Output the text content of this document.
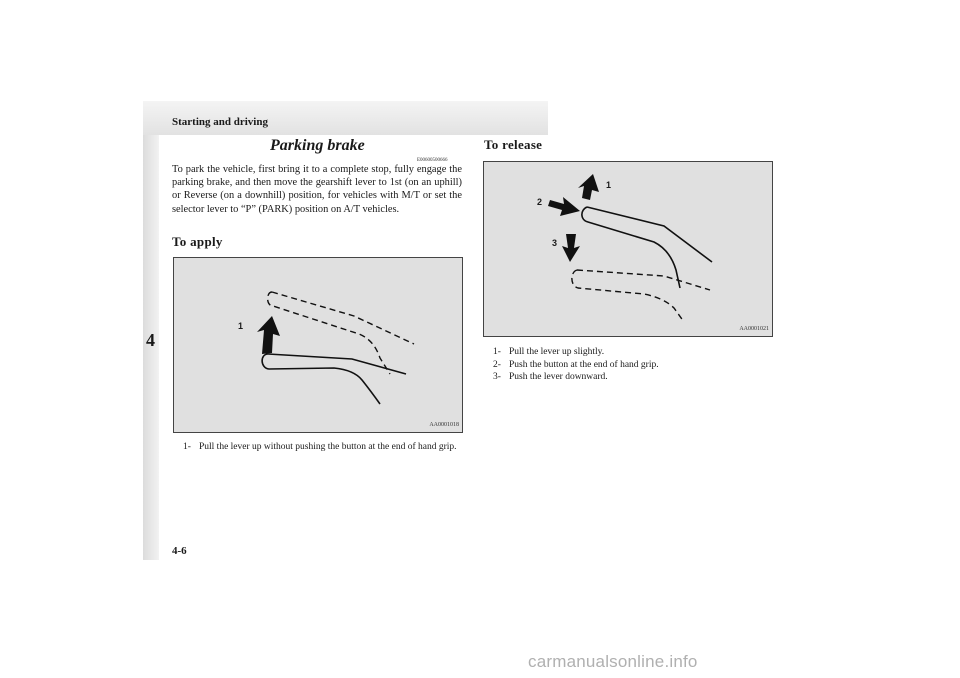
Starting and driving
4
Parking brake
E00600500666
To park the vehicle, first bring it to a complete stop, fully engage the parking brake, and then move the gearshift lever to 1st (on an uphill) or Reverse (on a downhill) position, for vehicles with M/T or set the selector lever to “P” (PARK) position on A/T vehicles.
To apply
1
AA0001018
1- Pull the lever up without pushing the button at the end of hand grip.
To release
1
2
3
AA0001021
1- Pull the lever up slightly.
2- Push the button at the end of hand grip.
3- Push the lever downward.
4-6
carmanualsonline.info
